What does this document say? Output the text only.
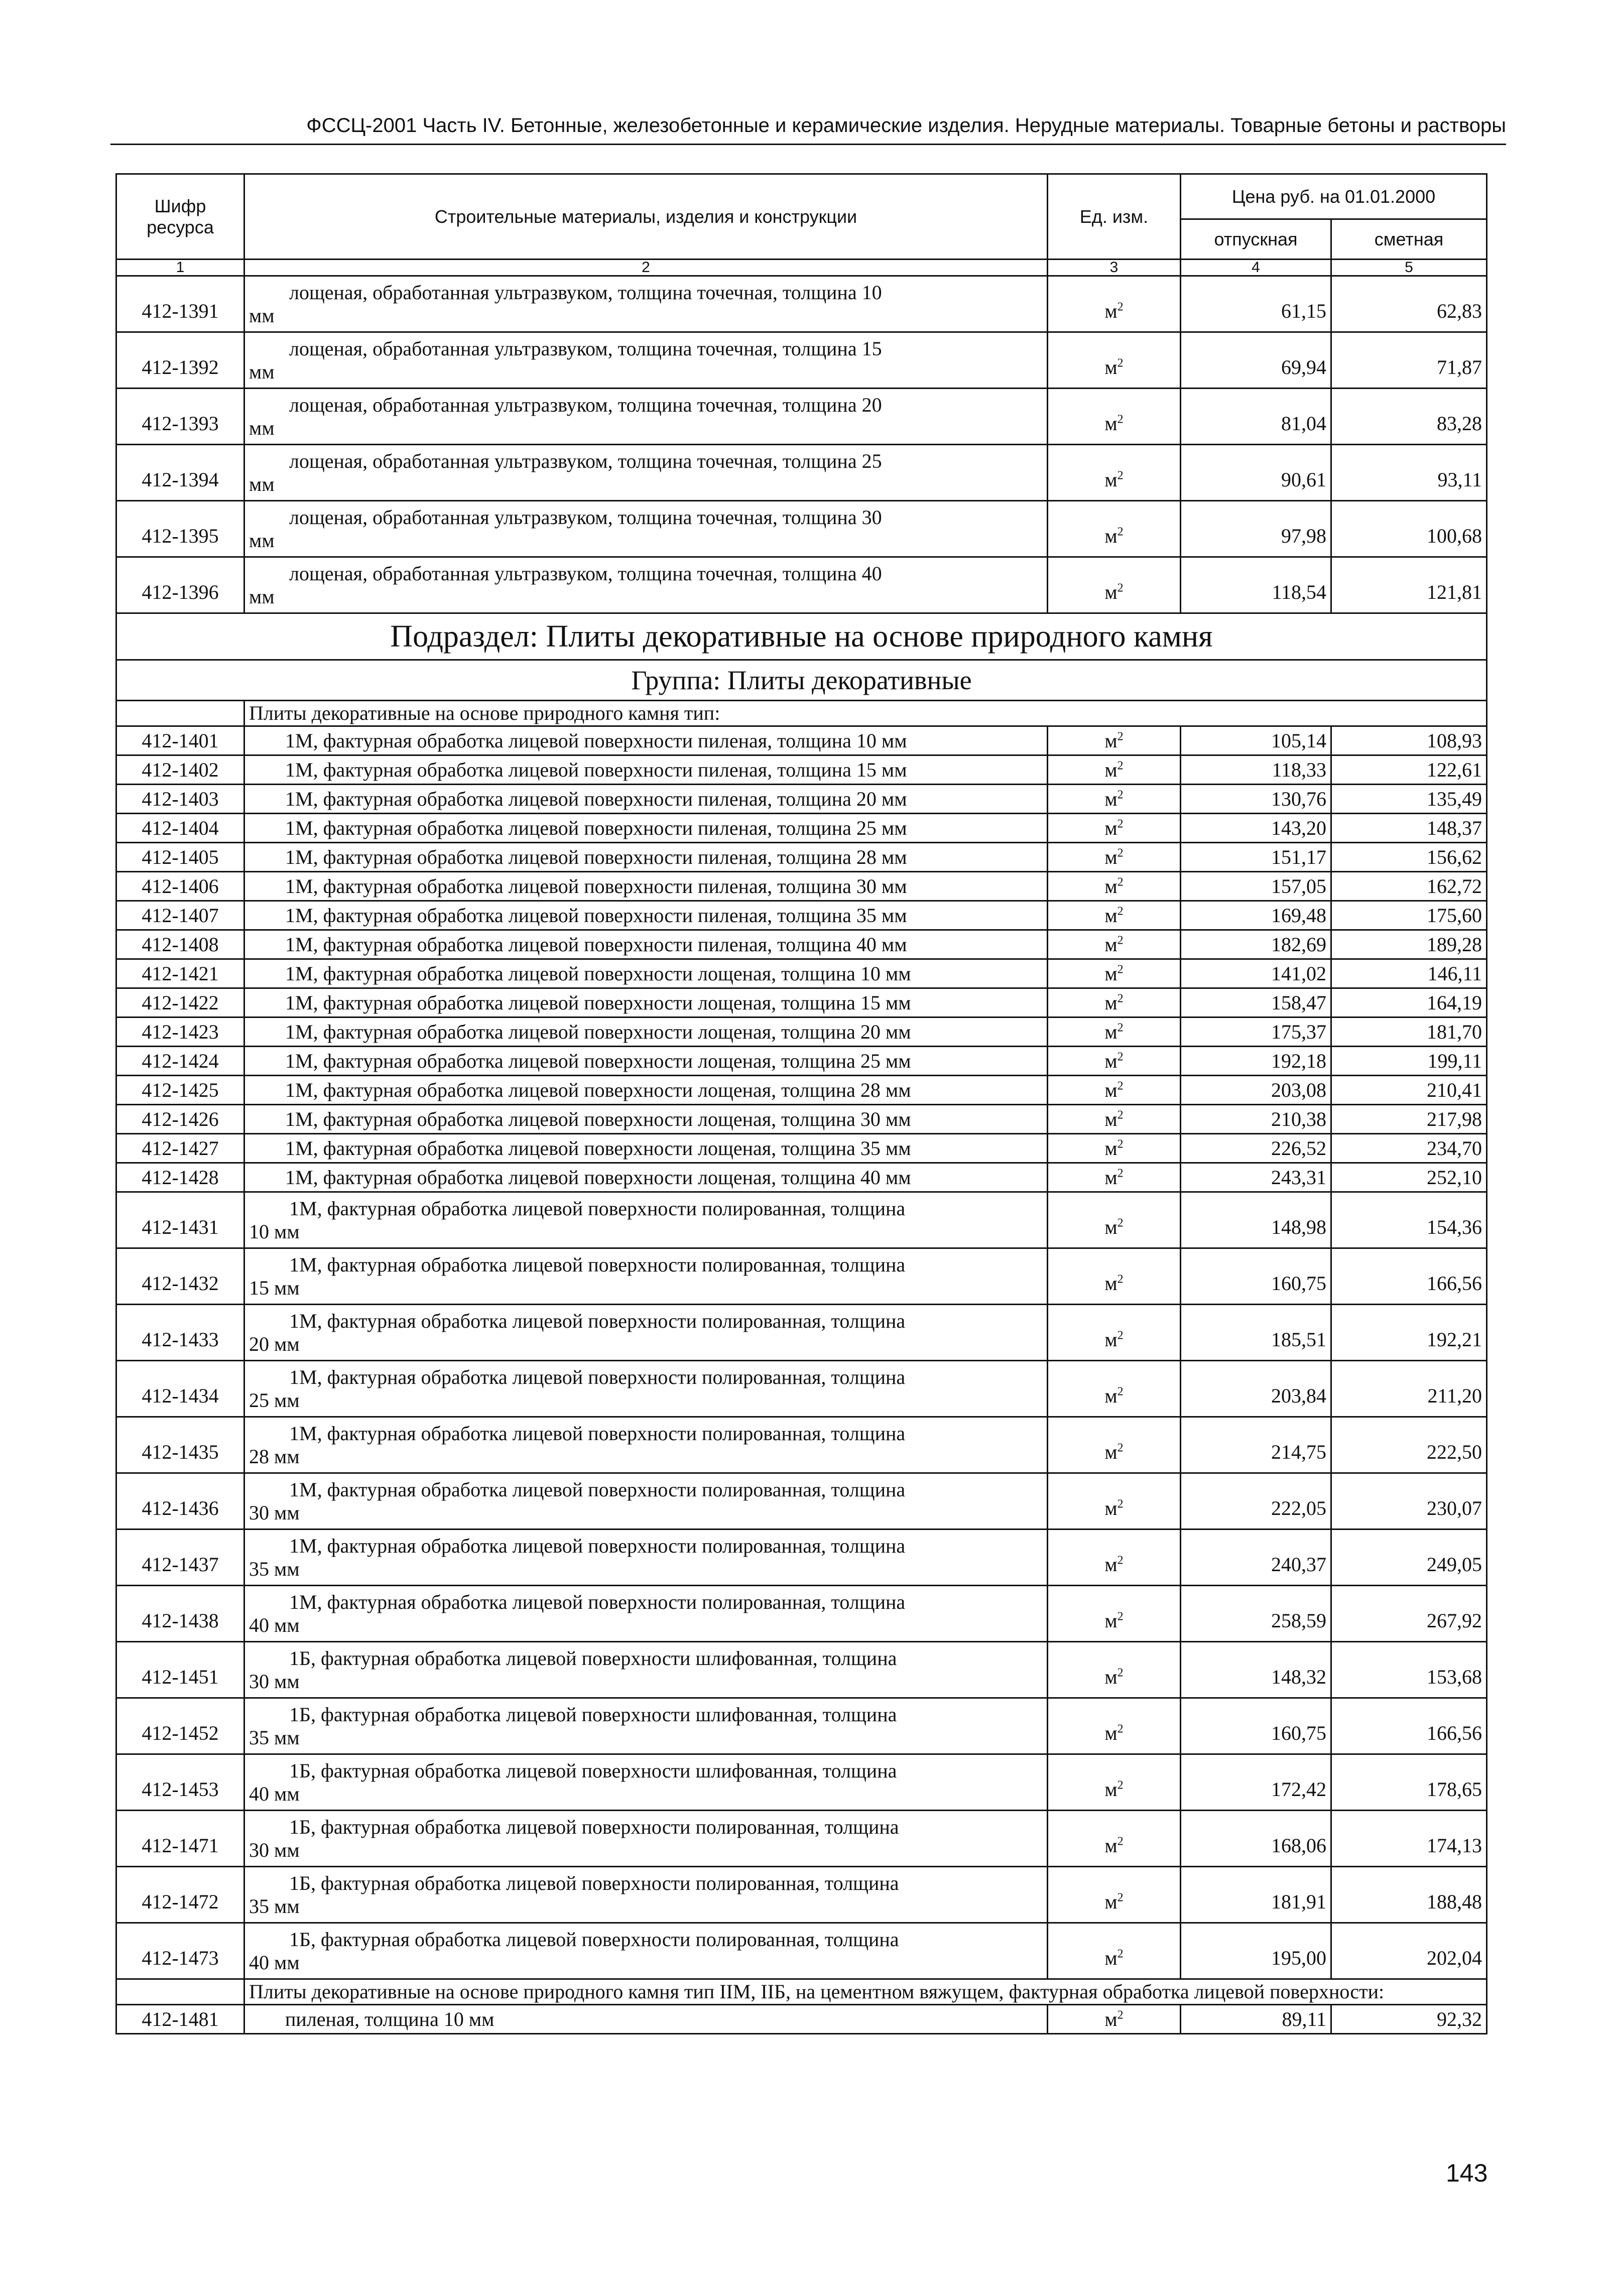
ФССЦ-2001 Часть IV. Бетонные, железобетонные и керамические изделия. Нерудные материалы. Товарные бетоны и растворы
Шифр ресурса	Строительные материалы, изделия и конструкции	Ед. изм.	Цена руб. на 01.01.2000	
			отпускная	сметная
1	2	3	4	5
412-1391	лощеная, обработанная ультразвуком, толщина точечная, толщина 10
мм	$м^2$	61,15	62,83
412-1392	лощеная, обработанная ультразвуком, толщина точечная, толщина 15
мм	$м^2$	69,94	71,87
412-1393	лощеная, обработанная ультразвуком, толщина точечная, толщина 20
мм	$м^2$	81,04	83,28
412-1394	лощеная, обработанная ультразвуком, толщина точечная, толщина 25
мм	$м^2$	90,61	93,11
412-1395	лощеная, обработанная ультразвуком, толщина точечная, толщина 30
мм	$м^2$	97,98	100,68
412-1396	лощеная, обработанная ультразвуком, толщина точечная, толщина 40
мм	$м^2$	118,54	121,81
Подраздел: Плиты декоративные на основе природного камня				
Группа: Плиты декоративные				
	Плиты декоративные на основе природного камня тип:			
412-1401	1М, фактурная обработка лицевой поверхности пиленая, толщина 10 мм	$м^2$	105,14	108,93
412-1402	1М, фактурная обработка лицевой поверхности пиленая, толщина 15 мм	$м^2$	118,33	122,61
412-1403	1М, фактурная обработка лицевой поверхности пиленая, толщина 20 мм	$м^2$	130,76	135,49
412-1404	1М, фактурная обработка лицевой поверхности пиленая, толщина 25 мм	$м^2$	143,20	148,37
412-1405	1М, фактурная обработка лицевой поверхности пиленая, толщина 28 мм	$м^2$	151,17	156,62
412-1406	1М, фактурная обработка лицевой поверхности пиленая, толщина 30 мм	$м^2$	157,05	162,72
412-1407	1М, фактурная обработка лицевой поверхности пиленая, толщина 35 мм	$м^2$	169,48	175,60
412-1408	1М, фактурная обработка лицевой поверхности пиленая, толщина 40 мм	$м^2$	182,69	189,28
412-1421	1М, фактурная обработка лицевой поверхности лощеная, толщина 10 мм	$м^2$	141,02	146,11
412-1422	1М, фактурная обработка лицевой поверхности лощеная, толщина 15 мм	$м^2$	158,47	164,19
412-1423	1М, фактурная обработка лицевой поверхности лощеная, толщина 20 мм	$м^2$	175,37	181,70
412-1424	1М, фактурная обработка лицевой поверхности лощеная, толщина 25 мм	$м^2$	192,18	199,11
412-1425	1М, фактурная обработка лицевой поверхности лощеная, толщина 28 мм	$м^2$	203,08	210,41
412-1426	1М, фактурная обработка лицевой поверхности лощеная, толщина 30 мм	$м^2$	210,38	217,98
412-1427	1М, фактурная обработка лицевой поверхности лощеная, толщина 35 мм	$м^2$	226,52	234,70
412-1428	1М, фактурная обработка лицевой поверхности лощеная, толщина 40 мм	$м^2$	243,31	252,10
412-1431	1М, фактурная обработка лицевой поверхности полированная, толщина
10 мм	$м^2$	148,98	154,36
412-1432	1М, фактурная обработка лицевой поверхности полированная, толщина
15 мм	$м^2$	160,75	166,56
412-1433	1М, фактурная обработка лицевой поверхности полированная, толщина
20 мм	$м^2$	185,51	192,21
412-1434	1М, фактурная обработка лицевой поверхности полированная, толщина
25 мм	$м^2$	203,84	211,20
412-1435	1М, фактурная обработка лицевой поверхности полированная, толщина
28 мм	$м^2$	214,75	222,50
412-1436	1М, фактурная обработка лицевой поверхности полированная, толщина
30 мм	$м^2$	222,05	230,07
412-1437	1М, фактурная обработка лицевой поверхности полированная, толщина
35 мм	$м^2$	240,37	249,05
412-1438	1М, фактурная обработка лицевой поверхности полированная, толщина
40 мм	$м^2$	258,59	267,92
412-1451	1Б, фактурная обработка лицевой поверхности шлифованная, толщина
30 мм	$м^2$	148,32	153,68
412-1452	1Б, фактурная обработка лицевой поверхности шлифованная, толщина
35 мм	$м^2$	160,75	166,56
412-1453	1Б, фактурная обработка лицевой поверхности шлифованная, толщина
40 мм	$м^2$	172,42	178,65
412-1471	1Б, фактурная обработка лицевой поверхности полированная, толщина
30 мм	$м^2$	168,06	174,13
412-1472	1Б, фактурная обработка лицевой поверхности полированная, толщина
35 мм	$м^2$	181,91	188,48
412-1473	1Б, фактурная обработка лицевой поверхности полированная, толщина
40 мм	$м^2$	195,00	202,04
	Плиты декоративные на основе природного камня тип IIМ, IIБ, на цементном вяжущем, фактурная обработка лицевой поверхности:			
412-1481	пиленая, толщина 10 мм	$м^2$	89,11	92,32
143
